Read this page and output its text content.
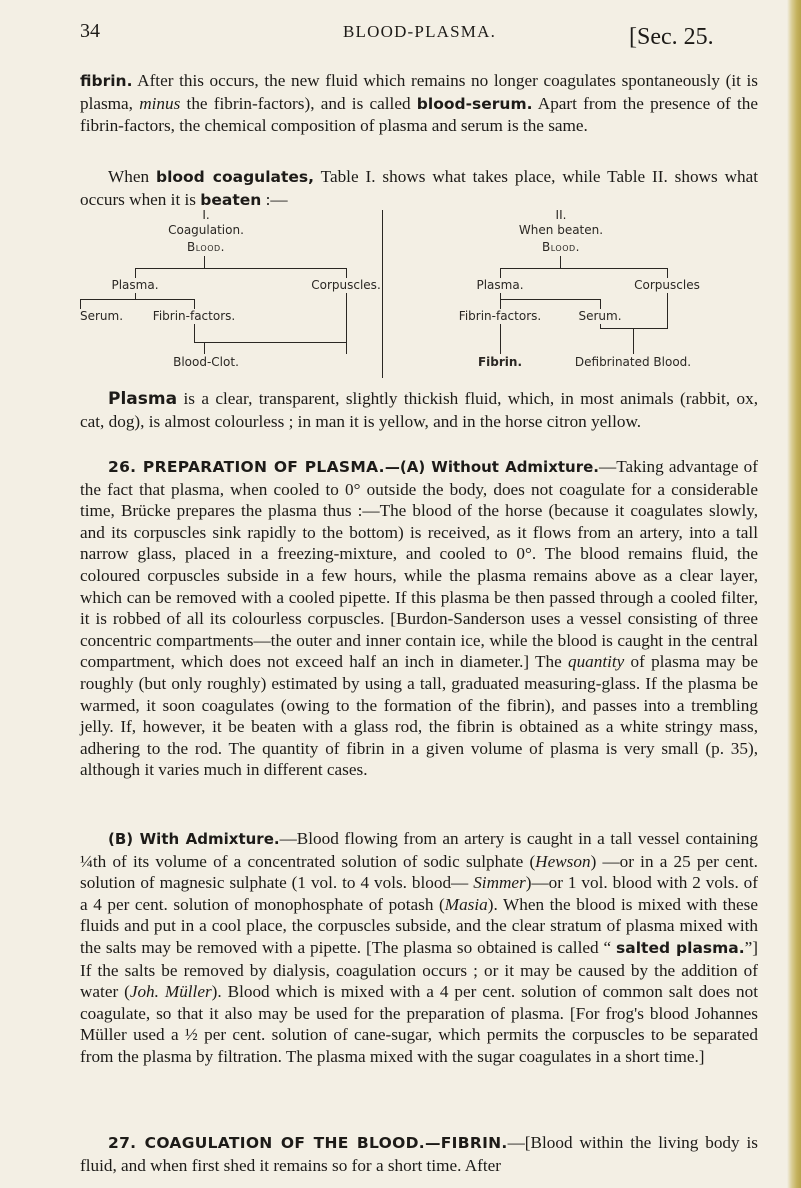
34	BLOOD-PLASMA.	[Sec. 25.
fibrin. After this occurs, the new fluid which remains no longer coagulates spontaneously (it is plasma, minus the fibrin-factors), and is called blood-serum. Apart from the presence of the fibrin-factors, the chemical composition of plasma and serum is the same.
When blood coagulates, Table I. shows what takes place, while Table II. shows what occurs when it is beaten :—
I.
Coagulation.
Blood.
Plasma.	Corpuscles.
Serum. Fibrin-factors.
Blood-Clot.
II.
When beaten.
Blood.
Plasma.	Corpuscles
Fibrin-factors.	Serum.
Fibrin.	Defibrinated Blood.
Plasma is a clear, transparent, slightly thickish fluid, which, in most animals (rabbit, ox, cat, dog), is almost colourless ; in man it is yellow, and in the horse citron yellow.
26. PREPARATION OF PLASMA.—(A) Without Admixture.—Taking advantage of the fact that plasma, when cooled to 0° outside the body, does not coagulate for a considerable time, Brücke prepares the plasma thus :—The blood of the horse (because it coagulates slowly, and its corpuscles sink rapidly to the bottom) is received, as it flows from an artery, into a tall narrow glass, placed in a freezing-mixture, and cooled to 0°. The blood remains fluid, the coloured corpuscles subside in a few hours, while the plasma remains above as a clear layer, which can be removed with a cooled pipette. If this plasma be then passed through a cooled filter, it is robbed of all its colourless corpuscles. [Burdon-Sanderson uses a vessel consisting of three concentric compartments—the outer and inner contain ice, while the blood is caught in the central compartment, which does not exceed half an inch in diameter.] The quantity of plasma may be roughly (but only roughly) estimated by using a tall, graduated measuring-glass. If the plasma be warmed, it soon coagulates (owing to the formation of the fibrin), and passes into a trembling jelly. If, however, it be beaten with a glass rod, the fibrin is obtained as a white stringy mass, adhering to the rod. The quantity of fibrin in a given volume of plasma is very small (p. 35), although it varies much in different cases.
(B) With Admixture.—Blood flowing from an artery is caught in a tall vessel containing ¼th of its volume of a concentrated solution of sodic sulphate (Hewson) —or in a 25 per cent. solution of magnesic sulphate (1 vol. to 4 vols. blood— Simmer)—or 1 vol. blood with 2 vols. of a 4 per cent. solution of monophosphate of potash (Masia). When the blood is mixed with these fluids and put in a cool place, the corpuscles subside, and the clear stratum of plasma mixed with the salts may be removed with a pipette. [The plasma so obtained is called “ salted plasma.”] If the salts be removed by dialysis, coagulation occurs ; or it may be caused by the addition of water (Joh. Müller). Blood which is mixed with a 4 per cent. solution of common salt does not coagulate, so that it also may be used for the preparation of plasma. [For frog's blood Johannes Müller used a ½ per cent. solution of cane-sugar, which permits the corpuscles to be separated from the plasma by filtration. The plasma mixed with the sugar coagulates in a short time.]
27. COAGULATION OF THE BLOOD.—FIBRIN.—[Blood within the living body is fluid, and when first shed it remains so for a short time. After
